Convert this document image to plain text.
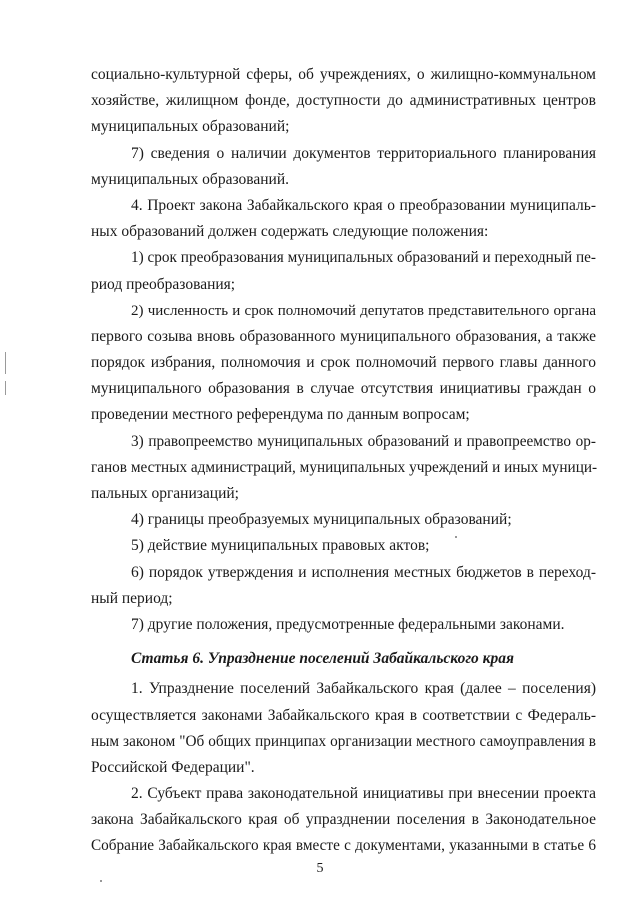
социально-культурной сферы, об учреждениях, о жилищно-коммунальном
хозяйстве, жилищном фонде, доступности до административных центров
муниципальных образований;
7) сведения о наличии документов территориального планирования
муниципальных образований.
4. Проект закона Забайкальского края о преобразовании муниципаль-
ных образований должен содержать следующие положения:
1) срок преобразования муниципальных образований и переходный пе-
риод преобразования;
2) численность и срок полномочий депутатов представительного органа
первого созыва вновь образованного муниципального образования, а также
порядок избрания, полномочия и срок полномочий первого главы данного
муниципального образования в случае отсутствия инициативы граждан о
проведении местного референдума по данным вопросам;
3) правопреемство муниципальных образований и правопреемство ор-
ганов местных администраций, муниципальных учреждений и иных муници-
пальных организаций;
4) границы преобразуемых муниципальных образований;
5) действие муниципальных правовых актов;
6) порядок утверждения и исполнения местных бюджетов в переход-
ный период;
7) другие положения, предусмотренные федеральными законами.
Статья 6. Упразднение поселений Забайкальского края
1. Упразднение поселений Забайкальского края (далее – поселения)
осуществляется законами Забайкальского края в соответствии с Федераль-
ным законом "Об общих принципах организации местного самоуправления в
Российской Федерации".
2. Субъект права законодательной инициативы при внесении проекта
закона Забайкальского края об упразднении поселения в Законодательное
Собрание Забайкальского края вместе с документами, указанными в статье 6
5
